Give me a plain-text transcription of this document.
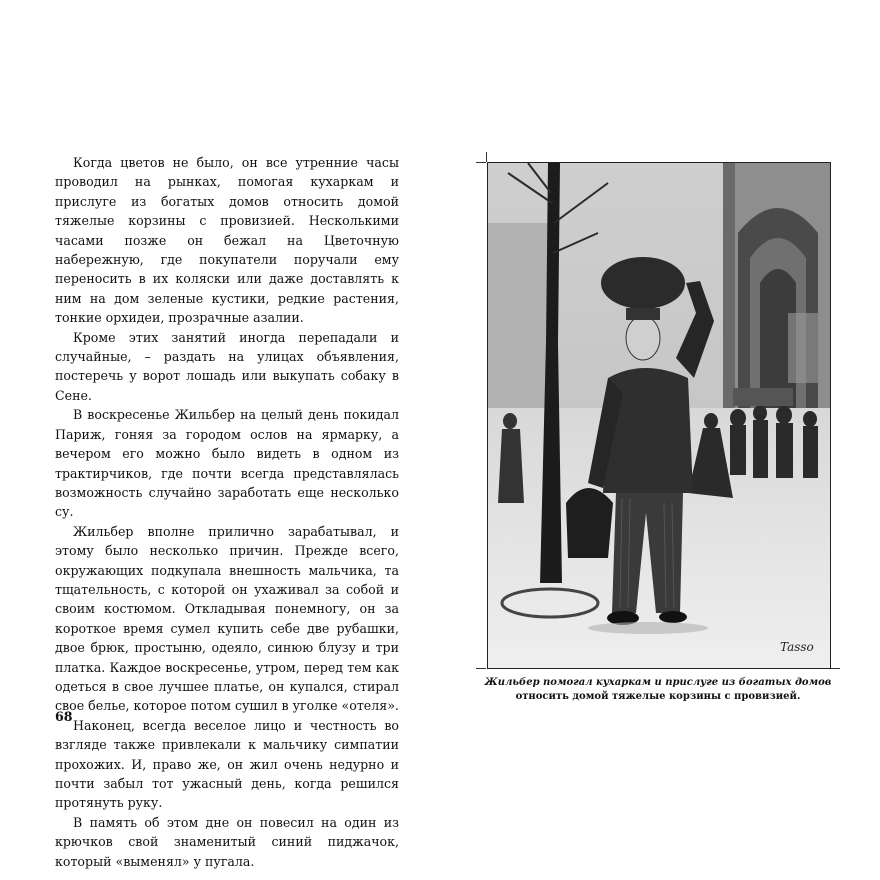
Когда цветов не было, он все утренние часы проводил на рынках, помогая кухаркам и прислуге из богатых домов относить домой тяжелые корзины с провизией. Несколькими часами позже он бежал на Цветочную набережную, где покупатели поручали ему переносить в их коляски или даже доставлять к ним на дом зеленые кустики, редкие растения, тонкие орхидеи, прозрачные азалии.

Кроме этих занятий иногда перепадали и случайные, – раздать на улицах объявления, постеречь у ворот лошадь или выкупать собаку в Сене.

В воскресенье Жильбер на целый день покидал Париж, гоняя за городом ослов на ярмарку, а вечером его можно было видеть в одном из трактирчиков, где почти всегда представлялась возможность случайно заработать еще несколько су.

Жильбер вполне прилично зарабатывал, и этому было несколько причин. Прежде всего, окружающих подкупала внешность мальчика, та тщательность, с которой он ухаживал за собой и своим костюмом. Откладывая понемногу, он за короткое время сумел купить себе две рубашки, двое брюк, простыню, одеяло, синюю блузу и три платка. Каждое воскресенье, утром, перед тем как одеться в свое лучшее платье, он купался, стирал свое белье, которое потом сушил в уголке «отеля».

Наконец, всегда веселое лицо и честность во взгляде также привлекали к мальчику симпатии прохожих. И, право же, он жил очень недурно и почти забыл тот ужасный день, когда решился протянуть руку.

В память об этом дне он повесил на один из крючков свой знаменитый синий пиджачок, который «выменял» у пугала.

68
Tasso
Жильбер помогал кухаркам и прислуге из богатых домов
относить домой тяжелые корзины с провизией.
